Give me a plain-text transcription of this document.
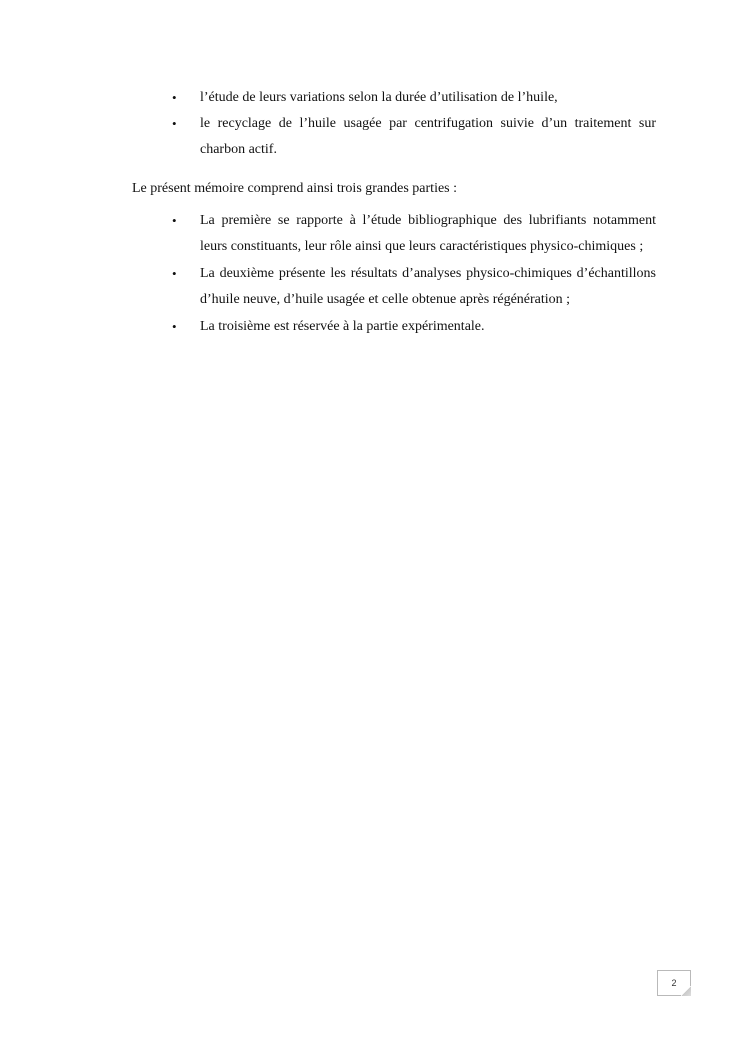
•	l’étude de leurs variations selon la durée d’utilisation de l’huile,
•	le recyclage de l’huile usagée par centrifugation suivie d’un traitement sur charbon actif.

Le présent mémoire comprend ainsi trois grandes parties :

•	La première se rapporte à l’étude bibliographique des lubrifiants notamment leurs constituants, leur rôle ainsi que leurs caractéristiques physico-chimiques ;
•	La deuxième présente les résultats d’analyses physico-chimiques d’échantillons d’huile neuve, d’huile usagée et celle obtenue après régénération ;
•	La troisième est réservée à la partie expérimentale.
2
